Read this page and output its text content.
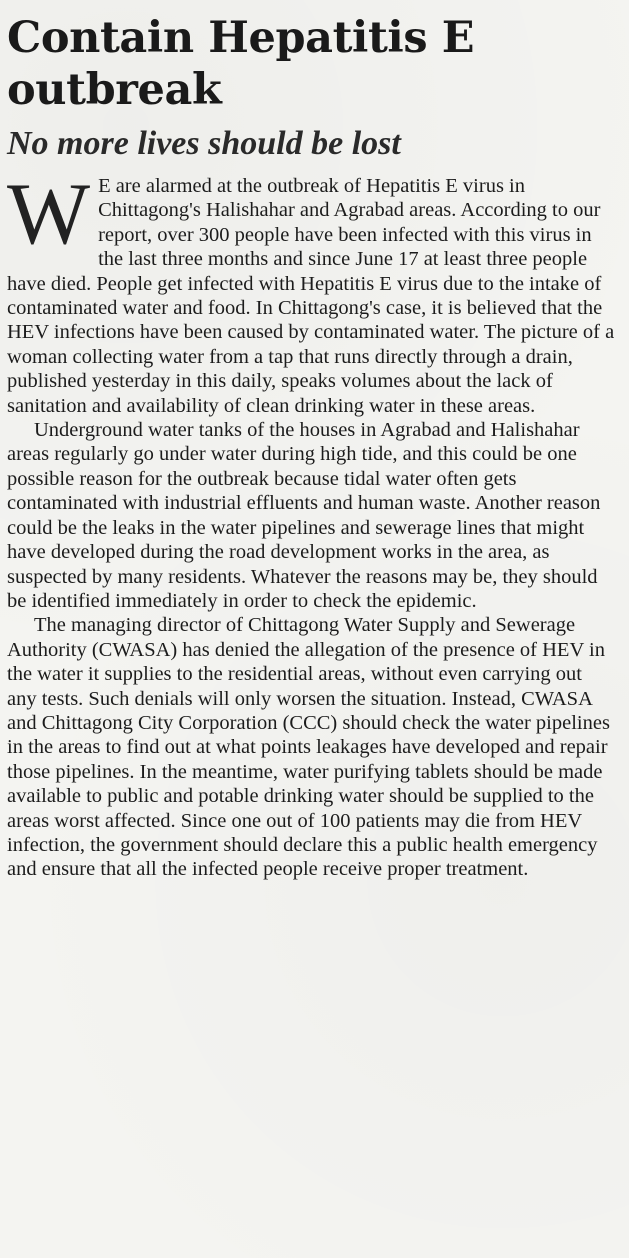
Contain Hepatitis E outbreak
No more lives should be lost

W E are alarmed at the outbreak of Hepatitis E virus in Chittagong's Halishahar and Agrabad areas. According to our report, over 300 people have been infected with this virus in the last three months and since June 17 at least three people have died. People get infected with Hepatitis E virus due to the intake of contaminated water and food. In Chittagong's case, it is believed that the HEV infections have been caused by contaminated water. The picture of a woman collecting water from a tap that runs directly through a drain, published yesterday in this daily, speaks volumes about the lack of sanitation and availability of clean drinking water in these areas.

Underground water tanks of the houses in Agrabad and Halishahar areas regularly go under water during high tide, and this could be one possible reason for the outbreak because tidal water often gets contaminated with industrial effluents and human waste. Another reason could be the leaks in the water pipelines and sewerage lines that might have developed during the road development works in the area, as suspected by many residents. Whatever the reasons may be, they should be identified immediately in order to check the epidemic.

The managing director of Chittagong Water Supply and Sewerage Authority (CWASA) has denied the allegation of the presence of HEV in the water it supplies to the residential areas, without even carrying out any tests. Such denials will only worsen the situation. Instead, CWASA and Chittagong City Corporation (CCC) should check the water pipelines in the areas to find out at what points leakages have developed and repair those pipelines. In the meantime, water purifying tablets should be made available to public and potable drinking water should be supplied to the areas worst affected. Since one out of 100 patients may die from HEV infection, the government should declare this a public health emergency and ensure that all the infected people receive proper treatment.
